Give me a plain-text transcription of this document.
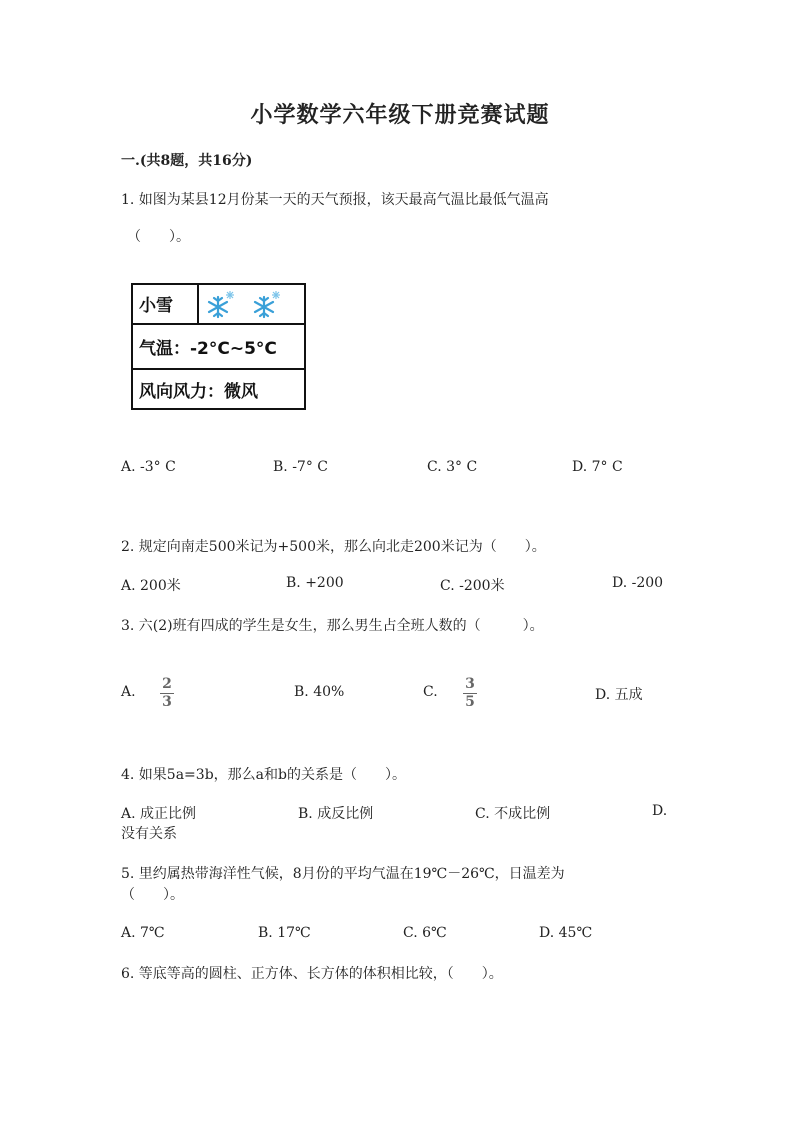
小学数学六年级下册竞赛试题
一.(共8题，共16分)
1. 如图为某县12月份某一天的天气预报，该天最高气温比最低气温高
（　　）。
小雪
气温：-2°C~5°C
风向风力：微风
A. -3° C	B. -7° C	C. 3° C	D. 7° C
2. 规定向南走500米记为+500米，那么向北走200米记为（　　）。
A. 200米	B. +200	C. -200米	D. -200
3. 六(2)班有四成的学生是女生，那么男生占全班人数的（　　　）。
A. 2
3
B. 40%	C. 3
5	D. 五成
4. 如果5a=3b，那么a和b的关系是（　　）。
A. 成正比例	B. 成反比例	C. 不成比例	D.
没有关系
5. 里约属热带海洋性气候，8月份的平均气温在19℃－26℃，日温差为
（　　）。
A. 7℃	B. 17℃	C. 6℃	D. 45℃
6. 等底等高的圆柱、正方体、长方体的体积相比较，（　　）。
